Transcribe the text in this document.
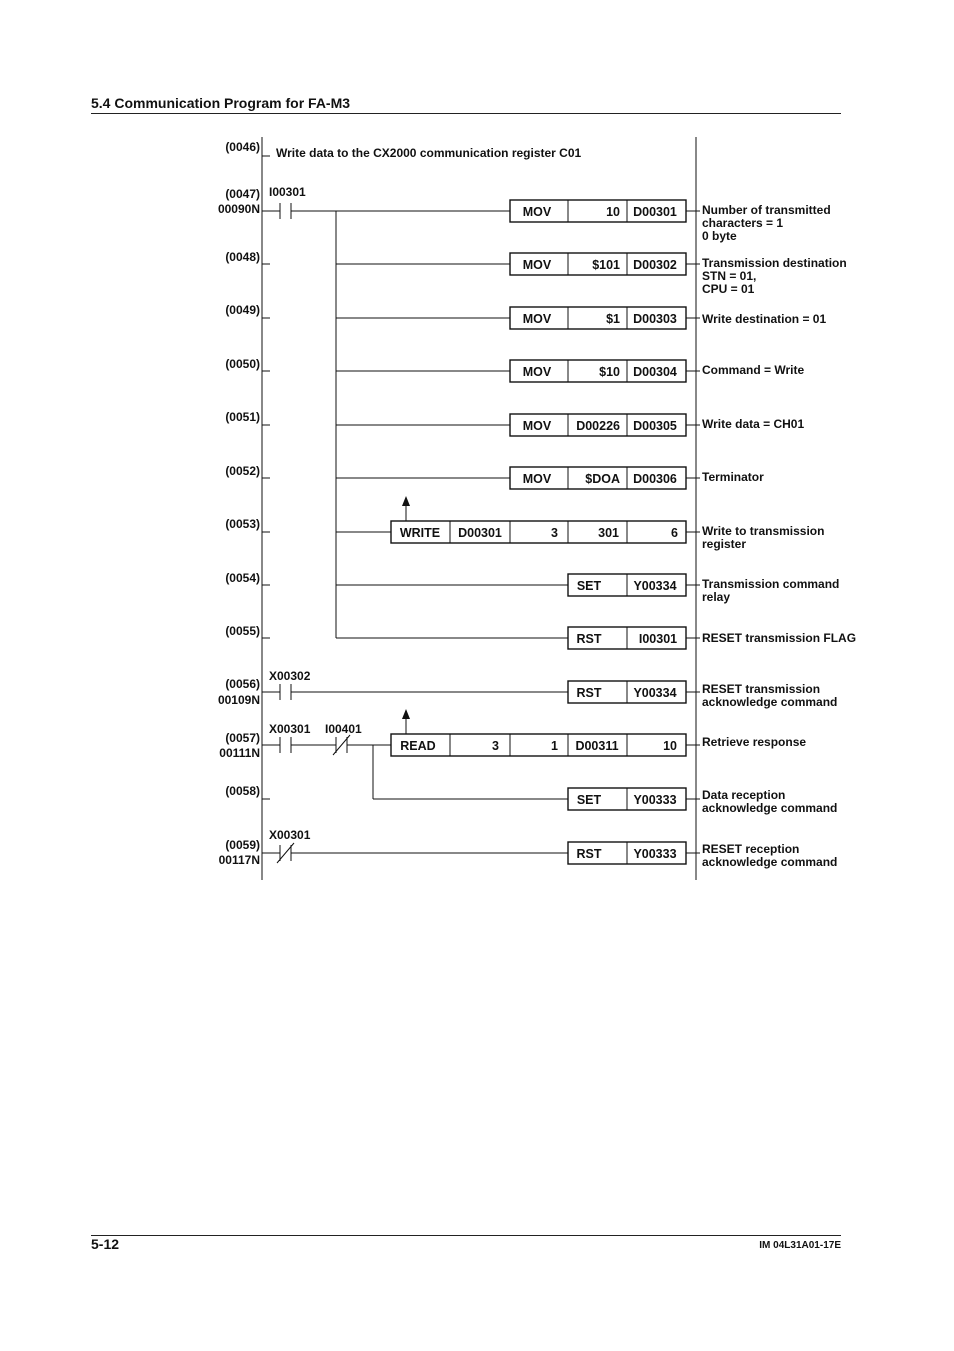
5.4 Communication Program for FA-M3
(0046) Write data to the CX2000 communication register C01
(0047)
00090N
I00301
(0048)
(0049)
(0050)
(0051)
(0052)
(0053)
(0054)
(0055)
(0056)
00109N
X00302
(0057)
00111N
X00301 I00401
(0058)
(0059)
00117N
X00301
MOV	10 D00301
MOV	$101 D00302
MOV	$1 D00303
MOV	$10 D00304
MOV D00226 D00305
MOV	$DOA D00306
WRITE D00301	3	301	6
SET	Y00334
RST	I00301
RST	Y00334
READ	3	1 D00311	10
SET	Y00333
RST	Y00333
Number of transmitted
characters = 1
0 byte
Transmission destination
STN = 01,
CPU = 01
Write destination = 01
Command = Write
Write data = CH01
Terminator
Write to transmission
register
Transmission command
relay
RESET transmission FLAG
RESET transmission
acknowledge command
Retrieve response
Data reception
acknowledge command
RESET reception
acknowledge command
5-12	IM 04L31A01-17E
